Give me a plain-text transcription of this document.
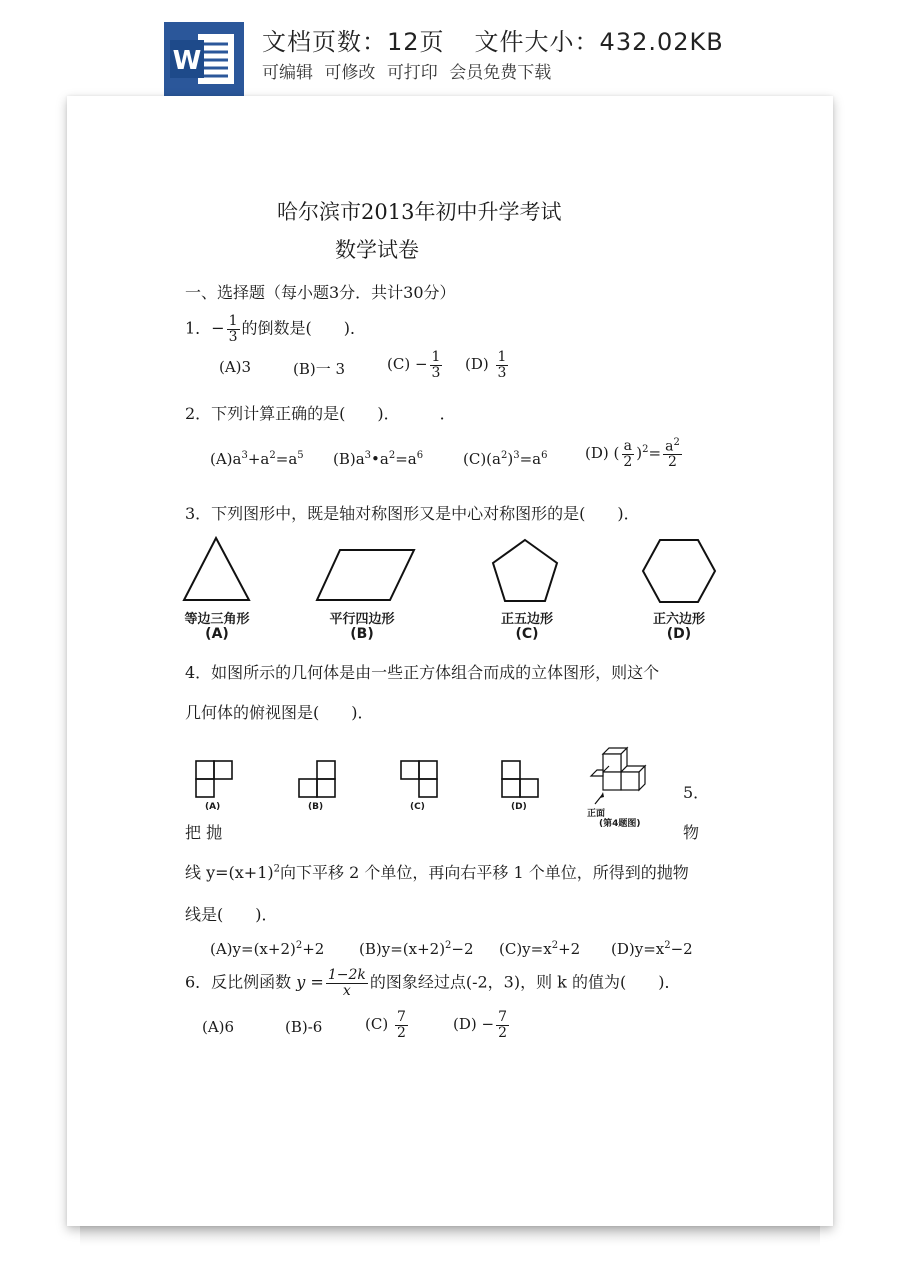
W
文档页数：12页 文件大小：432.02KB
可编辑 可修改 可打印 会员免费下载
哈尔滨市2013年初中升学考试
数学试卷
一、选择题（每小题3分．共计30分）
1．− $\frac{1}{3}$ 的倒数是(　　)．
(A)3	(B)一 3	$(C) - \frac{1}{3} (D) \frac{1}{3}$
2．下列计算正确的是(　　)．　　　．
$(A)a^3+a^2=a^5$ $(B)a^3•a^2=a^6$	$(C)(a^2)^3=a^6$	(D) ( $\frac{a}{2} )^2= \frac{a^2}{2}$
3．下列图形中，既是轴对称图形又是中心对称图形的是(　　)．
等边三角形
(A)
平行四边形
(B)
正五边形
(C)
正六边形
(D)
4．如图所示的几何体是由一些正方体组合而成的立体图形，则这个
几何体的俯视图是(　　)．
(A)	(B)	(C)	(D)
正面
(第4题图)
5．
把 抛	物
线 $y=(x+1)^2$向下平移 2 个单位，再向右平移 1 个单位，所得到的抛物
线是(　　)．
$(A)y=(x+2)^2+2$ $(B)y=(x+2)^2-2$ $(C)y=x^2+2$ $(D)y=x^2-2$
6．反比例函数 $y = \frac{1-2k}{x}$ 的图象经过点(-2，3)，则 k 的值为(　　)．
(A)6	(B)-6	$(C) \frac{7}{2}$	$(D) - \frac{7}{2}$
